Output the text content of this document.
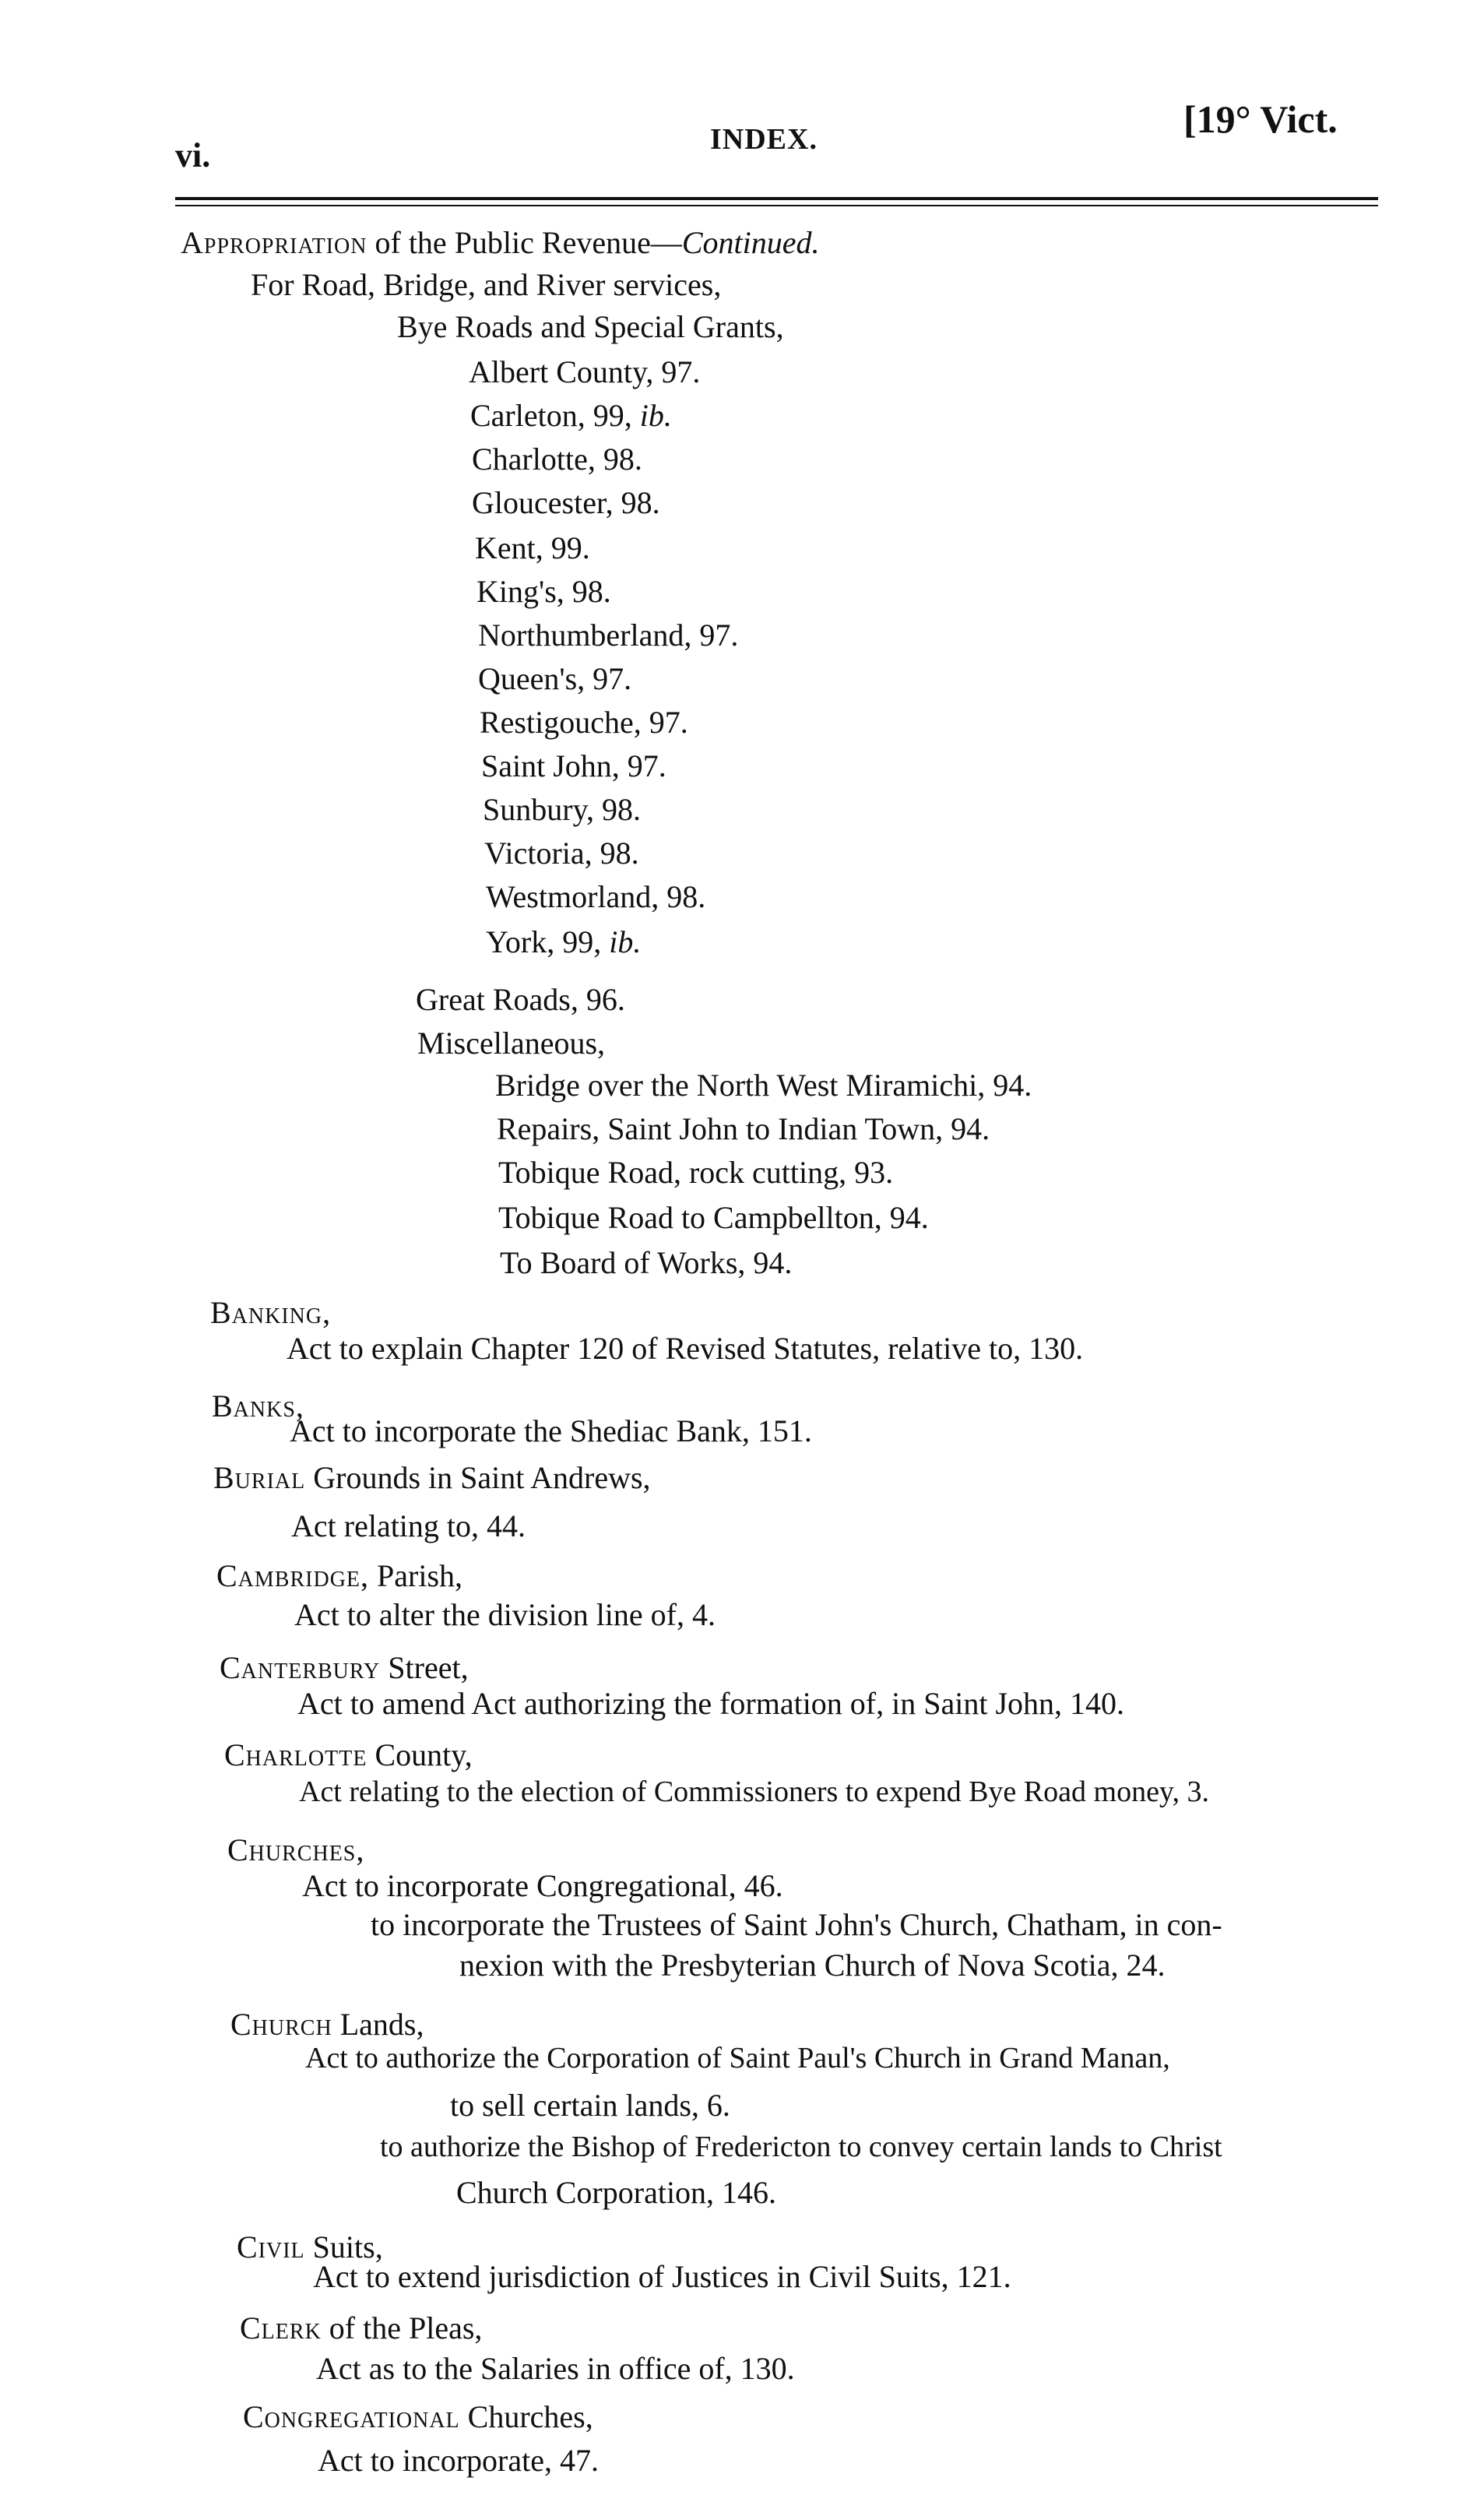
vi.	INDEX.	[19° Vict.
Appropriation of the Public Revenue—Continued.
For Road, Bridge, and River services,
Bye Roads and Special Grants,
Albert County, 97.
Carleton, 99, ib.
Charlotte, 98.
Gloucester, 98.
Kent, 99.
King's, 98.
Northumberland, 97.
Queen's, 97.
Restigouche, 97.
Saint John, 97.
Sunbury, 98.
Victoria, 98.
Westmorland, 98.
York, 99, ib.
Great Roads, 96.
Miscellaneous,
Bridge over the North West Miramichi, 94.
Repairs, Saint John to Indian Town, 94.
Tobique Road, rock cutting, 93.
Tobique Road to Campbellton, 94.
To Board of Works, 94.
Banking,
Act to explain Chapter 120 of Revised Statutes, relative to, 130.
Banks,
Act to incorporate the Shediac Bank, 151.
Burial Grounds in Saint Andrews,
Act relating to, 44.
Cambridge, Parish,
Act to alter the division line of, 4.
Canterbury Street,
Act to amend Act authorizing the formation of, in Saint John, 140.
Charlotte County,
Act relating to the election of Commissioners to expend Bye Road money, 3.
Churches,
Act to incorporate Congregational, 46.
to incorporate the Trustees of Saint John's Church, Chatham, in con-
nexion with the Presbyterian Church of Nova Scotia, 24.
Church Lands,
Act to authorize the Corporation of Saint Paul's Church in Grand Manan,
to sell certain lands, 6.
to authorize the Bishop of Fredericton to convey certain lands to Christ
Church Corporation, 146.
Civil Suits,
Act to extend jurisdiction of Justices in Civil Suits, 121.
Clerk of the Pleas,
Act as to the Salaries in office of, 130.
Congregational Churches,
Act to incorporate, 47.
